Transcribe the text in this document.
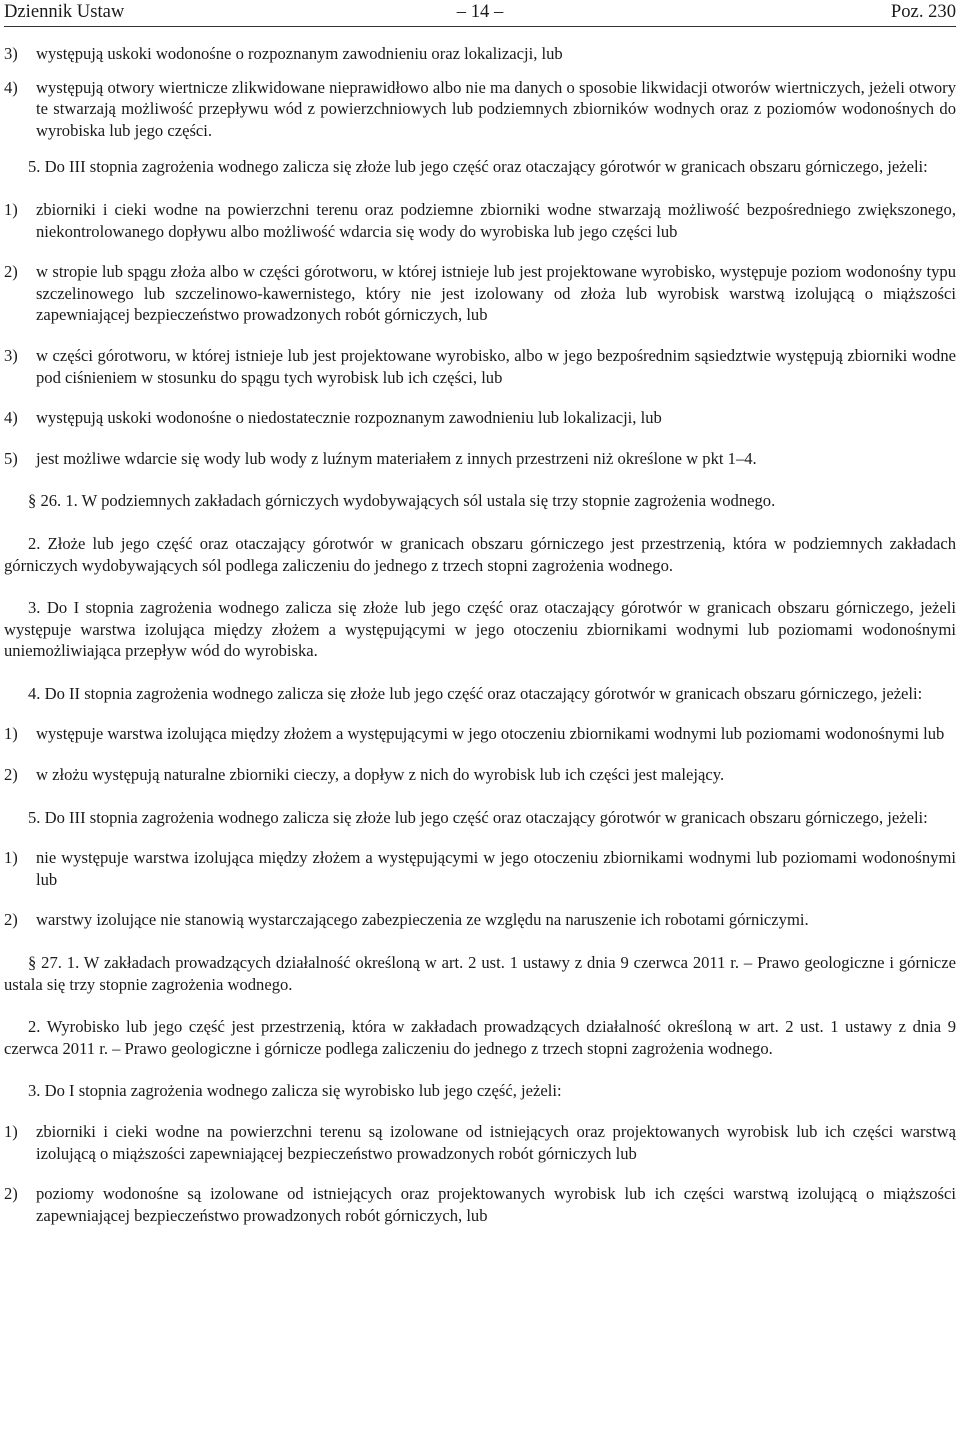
Dziennik Ustaw	– 14 –	Poz. 230
3)	występują uskoki wodonośne o rozpoznanym zawodnieniu oraz lokalizacji, lub
4)	występują otwory wiertnicze zlikwidowane nieprawidłowo albo nie ma danych o sposobie likwidacji otworów wiertniczych, jeżeli otwory te stwarzają możliwość przepływu wód z powierzchniowych lub podziemnych zbiorników wodnych oraz z poziomów wodonośnych do wyrobiska lub jego części.

5. Do III stopnia zagrożenia wodnego zalicza się złoże lub jego część oraz otaczający górotwór w granicach obszaru górniczego, jeżeli:

1)	zbiorniki i cieki wodne na powierzchni terenu oraz podziemne zbiorniki wodne stwarzają możliwość bezpośredniego zwiększonego, niekontrolowanego dopływu albo możliwość wdarcia się wody do wyrobiska lub jego części lub
2)	w stropie lub spągu złoża albo w części górotworu, w której istnieje lub jest projektowane wyrobisko, występuje poziom wodonośny typu szczelinowego lub szczelinowo-kawernistego, który nie jest izolowany od złoża lub wyrobisk warstwą izolującą o miąższości zapewniającej bezpieczeństwo prowadzonych robót górniczych, lub
3)	w części górotworu, w której istnieje lub jest projektowane wyrobisko, albo w jego bezpośrednim sąsiedztwie występują zbiorniki wodne pod ciśnieniem w stosunku do spągu tych wyrobisk lub ich części, lub
4)	występują uskoki wodonośne o niedostatecznie rozpoznanym zawodnieniu lub lokalizacji, lub
5)	jest możliwe wdarcie się wody lub wody z luźnym materiałem z innych przestrzeni niż określone w pkt 1–4.

§ 26. 1. W podziemnych zakładach górniczych wydobywających sól ustala się trzy stopnie zagrożenia wodnego.

2. Złoże lub jego część oraz otaczający górotwór w granicach obszaru górniczego jest przestrzenią, która w podziemnych zakładach górniczych wydobywających sól podlega zaliczeniu do jednego z trzech stopni zagrożenia wodnego.

3. Do I stopnia zagrożenia wodnego zalicza się złoże lub jego część oraz otaczający górotwór w granicach obszaru górniczego, jeżeli występuje warstwa izolująca między złożem a występującymi w jego otoczeniu zbiornikami wodnymi lub poziomami wodonośnymi uniemożliwiająca przepływ wód do wyrobiska.

4. Do II stopnia zagrożenia wodnego zalicza się złoże lub jego część oraz otaczający górotwór w granicach obszaru górniczego, jeżeli:

1)	występuje warstwa izolująca między złożem a występującymi w jego otoczeniu zbiornikami wodnymi lub poziomami wodonośnymi lub
2)	w złożu występują naturalne zbiorniki cieczy, a dopływ z nich do wyrobisk lub ich części jest malejący.

5. Do III stopnia zagrożenia wodnego zalicza się złoże lub jego część oraz otaczający górotwór w granicach obszaru górniczego, jeżeli:

1)	nie występuje warstwa izolująca między złożem a występującymi w jego otoczeniu zbiornikami wodnymi lub poziomami wodonośnymi lub
2)	warstwy izolujące nie stanowią wystarczającego zabezpieczenia ze względu na naruszenie ich robotami górniczymi.

§ 27. 1. W zakładach prowadzących działalność określoną w art. 2 ust. 1 ustawy z dnia 9 czerwca 2011 r. – Prawo geologiczne i górnicze ustala się trzy stopnie zagrożenia wodnego.

2. Wyrobisko lub jego część jest przestrzenią, która w zakładach prowadzących działalność określoną w art. 2 ust. 1 ustawy z dnia 9 czerwca 2011 r. – Prawo geologiczne i górnicze podlega zaliczeniu do jednego z trzech stopni zagrożenia wodnego.

3. Do I stopnia zagrożenia wodnego zalicza się wyrobisko lub jego część, jeżeli:

1)	zbiorniki i cieki wodne na powierzchni terenu są izolowane od istniejących oraz projektowanych wyrobisk lub ich części warstwą izolującą o miąższości zapewniającej bezpieczeństwo prowadzonych robót górniczych lub
2)	poziomy wodonośne są izolowane od istniejących oraz projektowanych wyrobisk lub ich części warstwą izolującą o miąższości zapewniającej bezpieczeństwo prowadzonych robót górniczych, lub
